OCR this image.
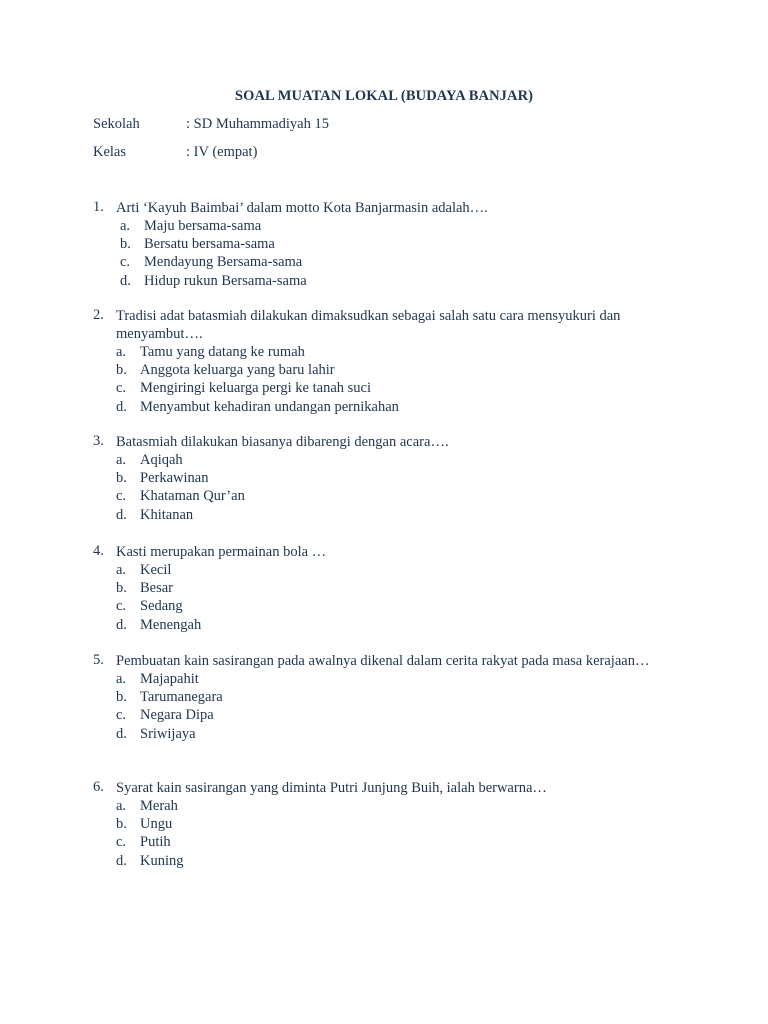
SOAL MUATAN LOKAL (BUDAYA BANJAR)
Sekolah	: SD Muhammadiyah 15
Kelas	: IV (empat)
1. Arti ‘Kayuh Baimbai’ dalam motto Kota Banjarmasin adalah….
a. Maju bersama-sama
b. Bersatu bersama-sama
c. Mendayung Bersama-sama
d. Hidup rukun Bersama-sama
2. Tradisi adat batasmiah dilakukan dimaksudkan sebagai salah satu cara mensyukuri dan menyambut….
a. Tamu yang datang ke rumah
b. Anggota keluarga yang baru lahir
c. Mengiringi keluarga pergi ke tanah suci
d. Menyambut kehadiran undangan pernikahan
3. Batasmiah dilakukan biasanya dibarengi dengan acara….
a. Aqiqah
b. Perkawinan
c. Khataman Qur’an
d. Khitanan
4. Kasti merupakan permainan bola …
a. Kecil
b. Besar
c. Sedang
d. Menengah
5. Pembuatan kain sasirangan pada awalnya dikenal dalam cerita rakyat pada masa kerajaan…
a. Majapahit
b. Tarumanegara
c. Negara Dipa
d. Sriwijaya
6. Syarat kain sasirangan yang diminta Putri Junjung Buih, ialah berwarna…
a. Merah
b. Ungu
c. Putih
d. Kuning
